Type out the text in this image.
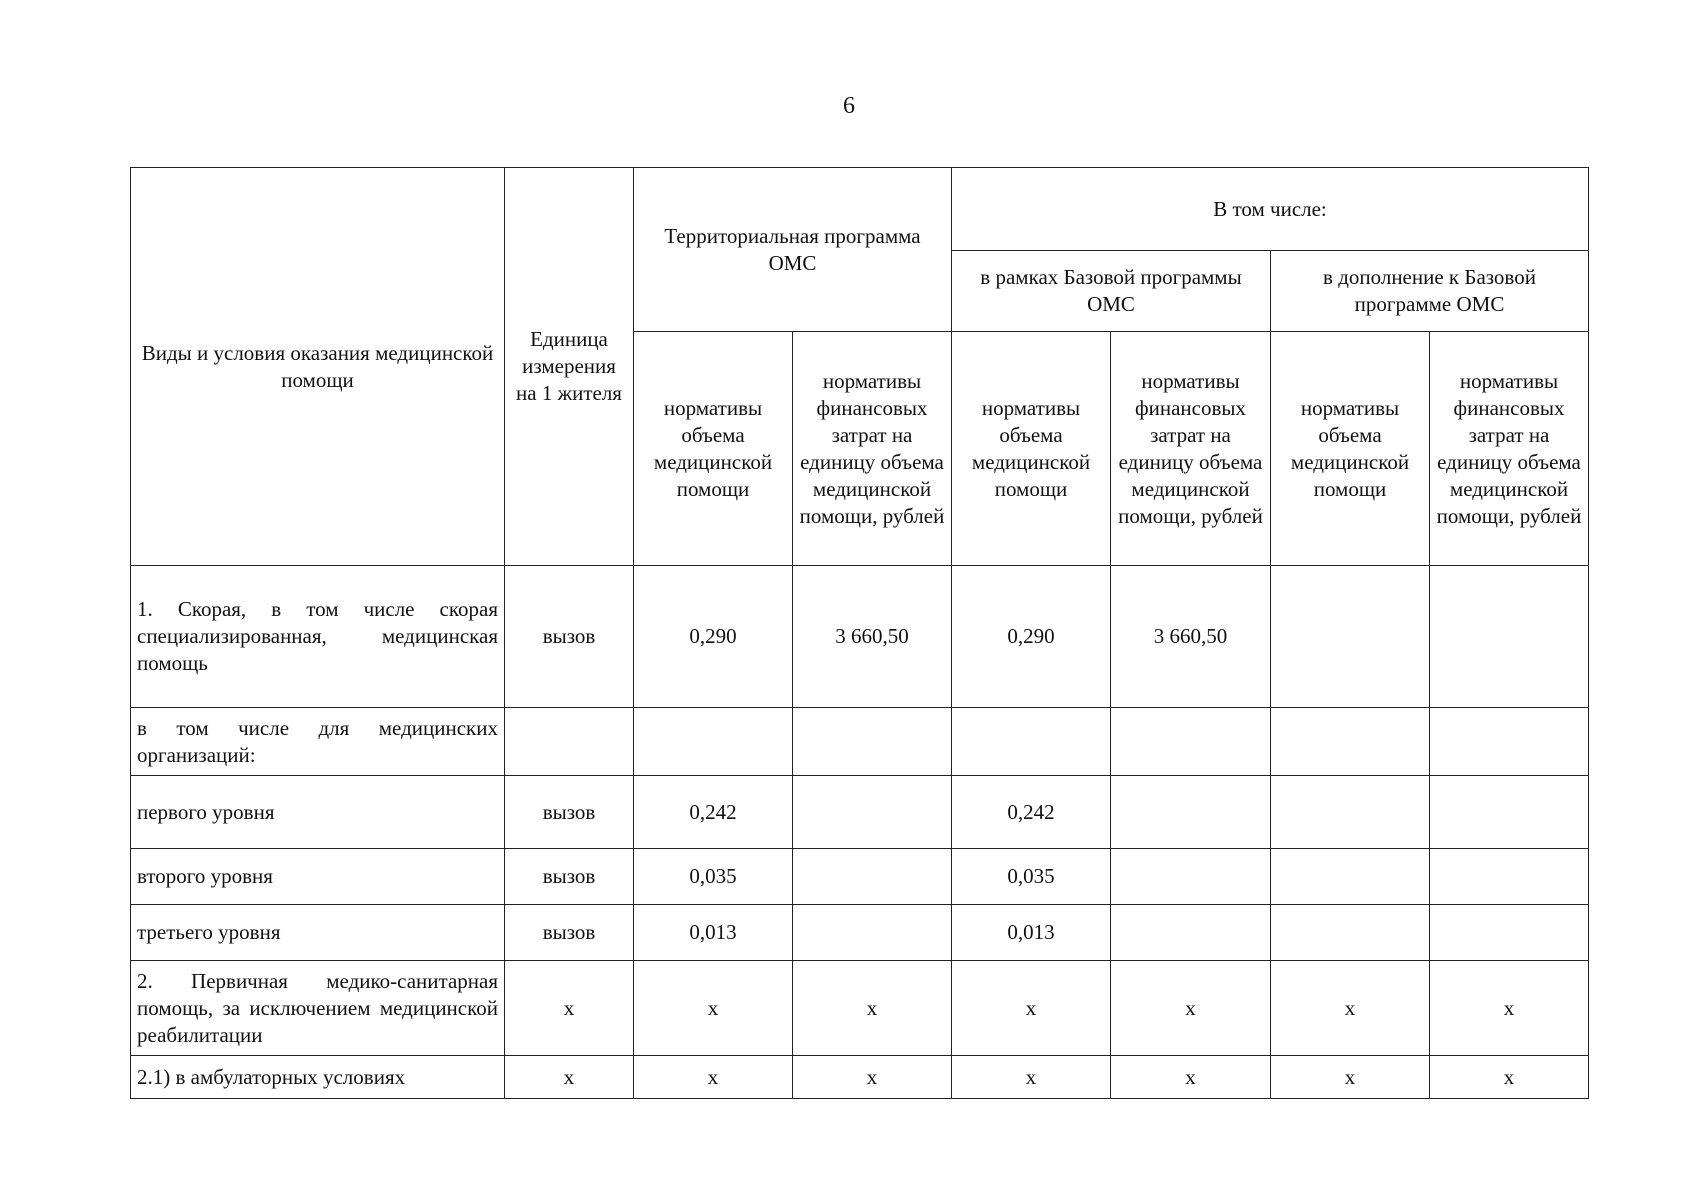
6
Виды и условия оказания медицинской помощи	Единица измерения на 1 жителя	Территориальная программа ОМС		В том числе:			
				в рамках Базовой программы ОМС		в дополнение к Базовой программе ОМС	
		нормативы объема медицинской помощи	нормативы финансовых затрат на единицу объема медицинской помощи, рублей	нормативы объема медицинской помощи	нормативы финансовых затрат на единицу объема медицинской помощи, рублей	нормативы объема медицинской помощи	нормативы финансовых затрат на единицу объема медицинской помощи, рублей
1. Скорая, в том числе скорая специализированная, медицинская помощь	вызов	0,290	3 660,50	0,290	3 660,50		
в том числе для медицинских организаций:							
первого уровня	вызов	0,242		0,242			
второго уровня	вызов	0,035		0,035			
третьего уровня	вызов	0,013		0,013			
2. Первичная медико-санитарная помощь, за исключением медицинской реабилитации	х	х	х	х	х	х	х
2.1) в амбулаторных условиях	х	х	х	х	х	х	х
